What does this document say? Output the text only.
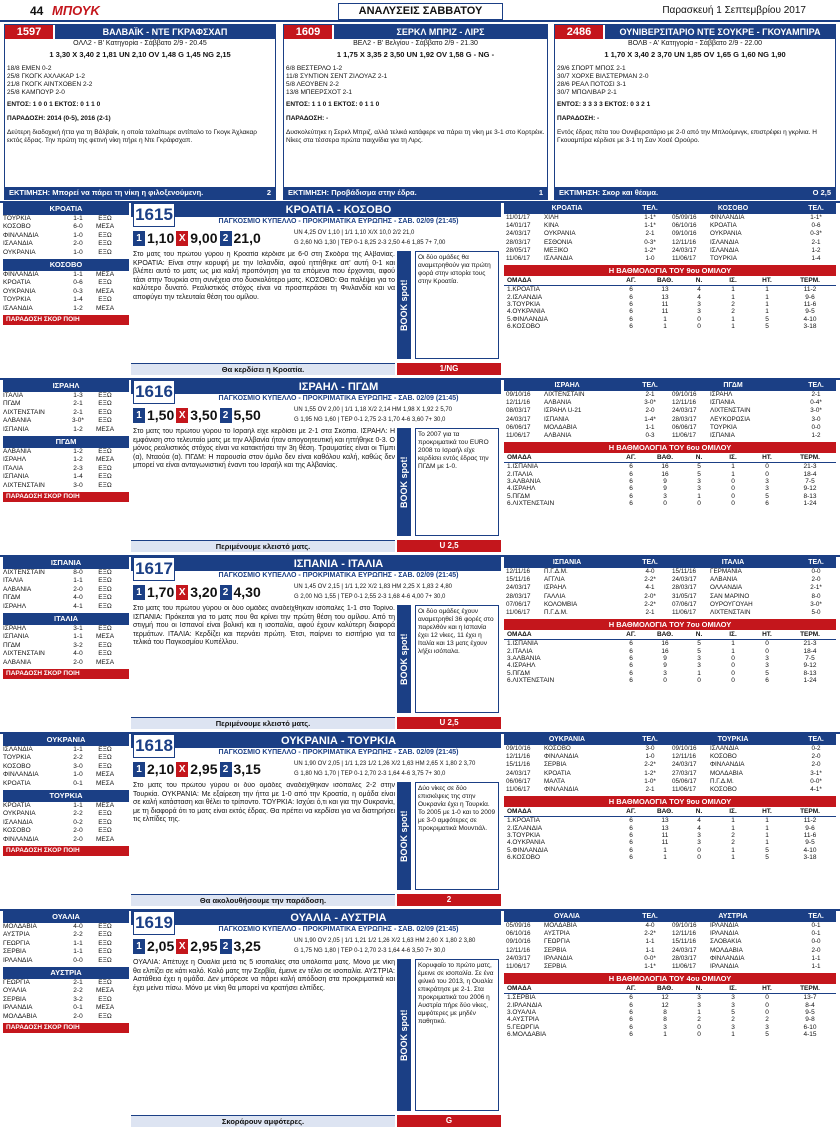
44 ΜΠΟΥΚ	ΑΝΑΛΥΣΕΙΣ ΣΑΒΒΑΤΟΥ	Παρασκευή 1 Σεπτεμβρίου 2017
1597	ΒΑΛΒΑΪΚ - ΝΤΕ ΓΚΡΑΦΣΧΑΠ
ΟΛΛ2 - Β' Κατηγορία - Σάββατο 2/9 - 20.45
1 3,30 X 3,40 2 1,81 UN 2,10 OV 1,48 G 1,45 NG 2,15
18/8 ΕΜΕΝ 0-2
25/8 ΓΚΟΓΚ ΑΧΛΑΚΑΡ 1-2
21/8 ΓΚΟΓΚ ΑΪΝΤΧΟΒΕΝ 2-2
25/8 ΚΑΜΠΟΥΡ 2-0
ΕΝΤΟΣ: 1 0 0 1 ΕΚΤΟΣ: 0 1 1 0
ΠΑΡΑΔΟΣΗ: 2014 (0-5), 2016 (2-1)
Δεύτερη διαδοχική ήττα για τη Βάλβαϊκ, η οποία ταλαίπωρε αντίπαλο το Γκογκ Άχλακαρ εκτός έδρας. Την πρώτη της φετινή νίκη πήρε η Ντε Γκράφσχαπ.
ΕΚΤΙΜΗΣΗ: Μπορεί να πάρει τη νίκη η φιλοξενούμενη.	2
1609	ΣΕΡΚΛ ΜΠΡΙΖ - ΛΙΡΣ
ΒΕΛ2 - Β' Βελγίου - Σάββατο 2/9 - 21.30
1 1,75 X 3,35 2 3,50 UN 1,92 OV 1,58 G - NG -
6/8 ΒΕΣΤΕΡΛΟ 1-2
11/8 ΣΥΝΤΙΟΝ ΣΕΝΤ ΖΙΛΟΥΑΖ 2-1
5/8 ΛΕΟΥΒΕΝ 2-2
13/8 ΜΠΕΕΡΣΧΟΤ 2-1
ΕΝΤΟΣ: 1 1 0 1 ΕΚΤΟΣ: 0 1 1 0
ΠΑΡΑΔΟΣΗ: -
Δυσκολεύτηκε η Σερκλ Μπριζ, αλλά τελικά κατάφερε να πάρει τη νίκη με 3-1 στο Κορτρέικ. Νίκες στα τέσσερα πρώτα παιχνίδια για τη Λιρς.
ΕΚΤΙΜΗΣΗ: Προβάδισμα στην έδρα.	1
2486	ΟΥΝΙΒΕΡΣΙΤΑΡΙΟ ΝΤΕ ΣΟΥΚΡΕ - ΓΚΟΥΑΜΠΙΡΑ
ΒΟΛΒ - Α' Κατηγορία - Σάββατο 2/9 - 22.00
1 1,70 X 3,40 2 3,70 UN 1,85 OV 1,65 G 1,60 NG 1,90
29/6 ΣΠΟΡΤ ΜΠΟΣ 2-1
30/7 ΧΟΡΧΕ ΒΙΛΣΤΕΡΜΑΝ 2-0
28/6 ΡΕΑΛ ΠΟΤΟΣΙ 3-1
30/7 ΜΠΟΛΙΒΑΡ 2-1
ΕΝΤΟΣ: 3 3 3 3 ΕΚΤΟΣ: 0 3 2 1
ΠΑΡΑΔΟΣΗ: -
Εντός έδρας πέτα του Ουνιβερσιτάριο με 2-0 από την Μπλούμινγκ, επιστρέφει η γκρίνια. Η Γκουαμπίρα κέρδισε με 3-1 τη Σαν Χοσέ Ορούρο.
ΕΚΤΙΜΗΣΗ: Σκορ και θέαμα.	O 2,5
ΚΡΟΑΤΙΑ
ΤΟΥΡΚΙΑ	1-1	ΕΞΩ
ΚΟΣΟΒΟ	6-0	ΜΕΣΑ
ΦΙΝΛΑΝΔΙΑ	1-0	ΕΞΩ
ΙΣΛΑΝΔΙΑ	2-0	ΕΞΩ
ΟΥΚΡΑΝΙΑ	1-0	ΕΞΩ
ΚΟΣΟΒΟ
ΦΙΝΛΑΝΔΙΑ	1-1	ΜΕΣΑ
ΚΡΟΑΤΙΑ	0-6	ΕΞΩ
ΟΥΚΡΑΝΙΑ	0-3	ΜΕΣΑ
ΤΟΥΡΚΙΑ	1-4	ΕΞΩ
ΙΣΛΑΝΔΙΑ	1-2	ΜΕΣΑ
ΠΑΡΑΔΟΣΗ ΣΚΟΡ ΠΟΙΗ
1615	ΚΡΟΑΤΙΑ - ΚΟΣΟΒΟ
ΠΑΓΚΟΣΜΙΟ ΚΥΠΕΛΛΟ - ΠΡΟΚΡΙΜΑΤΙΚΑ ΕΥΡΩΠΗΣ - ΣΑΒ. 02/09 (21:45)
1 1,10 X 9,00 2 21,0	UN 4,25 OV 1,10 | 1/1 1,10 X/X 10,0 2/2 21,0
G 2,60 NG 1,30 | ΤΕΡ 0-1 8,25 2-3 2,50 4-6 1,85 7+ 7,00
Στο ματς του πρώτου γύρου η Κροατία κέρδισε με 6-0 στη Σκόδρα της Αλβανίας. ΚΡΟΑΤΙΑ: Είναι στην κορυφή με την Ισλανδία, αφού ηττήθηκε απ' αυτή 0-1 και βλέπει αυτό το ματς ως μια καλή προπόνηση για τα επόμενα που έρχονται, αφού τάσι στην Τουρκία στη συνέχεια στο δυσκολότερο ματς. ΚΟΣΟΒΟ: Θα παλέψει για το καλύτερο δυνατό. Ρεαλιστικός στόχος είναι να προσπεράσει τη Φινλανδία και να αποφύγει την τελευταία θέση του ομίλου.	BOOK spot!
Οι δύο ομάδες θα αναμετρηθούν για πρώτη φορά στην ιστορία τους στην Κροατία.
Θα κερδίσει η Κροατία.	1/NG
ΚΡΟΑΤΙΑ	ΤΕΛ.	ΚΟΣΟΒΟ	ΤΕΛ.
11/01/17	ΧΙΛΗ	1-1*
14/01/17	ΚΙΝΑ	1-1*
24/03/17	ΟΥΚΡΑΝΙΑ	2-1
28/03/17	ΕΣΘΟΝΙΑ	0-3*
28/05/17	ΜΕΞΙΚΟ	1-2*
11/06/17	ΙΣΛΑΝΔΙΑ	1-0
05/09/16	ΦΙΝΛΑΝΔΙΑ	1-1*
06/10/16	ΚΡΟΑΤΙΑ	0-6
09/10/16	ΟΥΚΡΑΝΙΑ	0-3*
12/11/16	ΙΣΛΑΝΔΙΑ	2-1
24/03/17	ΙΣΛΑΝΔΙΑ	1-2
11/06/17	ΤΟΥΡΚΙΑ	1-4
Η ΒΑΘΜΟΛΟΓΙΑ ΤΟΥ 9ου ΟΜΙΛΟΥ
ΟΜΑΔΑ	ΑΓ.	ΒΑΘ.	Ν.	ΙΣ.	ΗΤ.	ΤΕΡΜ.
1.ΚΡΟΑΤΙΑ	6	13	4	1	1	11-2
2.ΙΣΛΑΝΔΙΑ	6	13	4	1	1	9-6
3.ΤΟΥΡΚΙΑ	6	11	3	2	1	11-6
4.ΟΥΚΡΑΝΙΑ	6	11	3	2	1	9-5
5.ΦΙΝΛΑΝΔΙΑ	6	1	0	1	5	4-10
6.ΚΟΣΟΒΟ	6	1	0	1	5	3-18
ΙΣΡΑΗΛ
ΙΤΑΛΙΑ	1-3	ΕΞΩ
ΠΓΔΜ	2-1	ΕΞΩ
ΛΙΧΤΕΝΣΤΑΙΝ	2-1	ΕΞΩ
ΑΛΒΑΝΙΑ	3-0*	ΕΞΩ
ΙΣΠΑΝΙΑ	1-2	ΜΕΣΑ
ΠΓΔΜ
ΑΛΒΑΝΙΑ	1-2	ΕΞΩ
ΙΣΡΑΗΛ	1-2	ΜΕΣΑ
ΙΤΑΛΙΑ	2-3	ΕΞΩ
ΙΣΠΑΝΙΑ	1-4	ΕΞΩ
ΛΙΧΤΕΝΣΤΑΙΝ	3-0	ΕΞΩ
ΠΑΡΑΔΟΣΗ ΣΚΟΡ ΠΟΙΗ
1616	ΙΣΡΑΗΛ - ΠΓΔΜ
ΠΑΓΚΟΣΜΙΟ ΚΥΠΕΛΛΟ - ΠΡΟΚΡΙΜΑΤΙΚΑ ΕΥΡΩΠΗΣ - ΣΑΒ. 02/09 (21:45)
1 1,50 X 3,50 2 5,50	UN 1,55 OV 2,00 | 1/1 1,18 X/2 2,14 ΗΜ 1,98 X 1,92 2 5,70
G 1,95 NG 1,60 | ΤΕΡ 0-1 2,75 2-3 1,70 4-6 3,60 7+ 30,0
Στο ματς του πρώτου γύρου το Ισραήλ είχε κερδίσει με 2-1 στα Σκόπια. ΙΣΡΑΗΛ: Η εμφάνιση στο τελευταίο ματς με την Αλβανία ήταν απογοητευτική και ηττήθηκε 0-3. Ο μόνος ρεαλιστικός στόχος είναι να κατακτήσει την 3η θέση. Τραυματίες είναι οι Τίμπι (α), Νταούα (α). ΠΓΔΜ: Η παρουσία στον όμιλο δεν είναι καθόλου καλή, καθώς δεν μπορεί να είναι ανταγωνιστική έναντι του Ισραήλ και της Αλβανίας.	BOOK spot!
Το 2007 για τα προκριματικά του EURO 2008 το Ισραήλ είχε κερδίσει εντός έδρας την ΠΓΔΜ με 1-0.
Περιμένουμε κλειστό ματς.	U 2,5
ΙΣΡΑΗΛ	ΤΕΛ.	ΠΓΔΜ	ΤΕΛ.
09/10/16	ΛΙΧΤΕΝΣΤΑΙΝ	2-1
12/11/16	ΑΛΒΑΝΙΑ	3-0*
08/03/17	ΙΣΡΑΗΛ U-21	2-0
24/03/17	ΙΣΠΑΝΙΑ	1-4*
06/06/17	ΜΟΛΔΑΒΙΑ	1-1
11/06/17	ΑΛΒΑΝΙΑ	0-3
09/10/16	ΙΣΡΑΗΛ	2-1
12/11/16	ΙΣΠΑΝΙΑ	0-4*
24/03/17	ΛΙΧΤΕΝΣΤΑΙΝ	3-0*
28/03/17	ΛΕΥΚΟΡΩΣΙΑ	3-0
06/06/17	ΤΟΥΡΚΙΑ	0-0
11/06/17	ΙΣΠΑΝΙΑ	1-2
Η ΒΑΘΜΟΛΟΓΙΑ ΤΟΥ 6ου ΟΜΙΛΟΥ
ΟΜΑΔΑ	ΑΓ.	ΒΑΘ.	Ν.	ΙΣ.	ΗΤ.	ΤΕΡΜ.
1.ΙΣΠΑΝΙΑ	6	16	5	1	0	21-3
2.ΙΤΑΛΙΑ	6	16	5	1	0	18-4
3.ΑΛΒΑΝΙΑ	6	9	3	0	3	7-5
4.ΙΣΡΑΗΛ	6	9	3	0	3	9-12
5.ΠΓΔΜ	6	3	1	0	5	8-13
6.ΛΙΧΤΕΝΣΤΑΙΝ	6	0	0	0	6	1-24
ΙΣΠΑΝΙΑ
ΛΙΧΤΕΝΣΤΑΙΝ	8-0	ΕΞΩ
ΙΤΑΛΙΑ	1-1	ΕΞΩ
ΑΛΒΑΝΙΑ	2-0	ΕΞΩ
ΠΓΔΜ	4-0	ΕΞΩ
ΙΣΡΑΗΛ	4-1	ΕΞΩ
ΙΤΑΛΙΑ
ΙΣΡΑΗΛ	3-1	ΕΞΩ
ΙΣΠΑΝΙΑ	1-1	ΜΕΣΑ
ΠΓΔΜ	3-2	ΕΞΩ
ΛΙΧΤΕΝΣΤΑΙΝ	4-0	ΕΞΩ
ΑΛΒΑΝΙΑ	2-0	ΜΕΣΑ
ΠΑΡΑΔΟΣΗ ΣΚΟΡ ΠΟΙΗ
1617	ΙΣΠΑΝΙΑ - ΙΤΑΛΙΑ
ΠΑΓΚΟΣΜΙΟ ΚΥΠΕΛΛΟ - ΠΡΟΚΡΙΜΑΤΙΚΑ ΕΥΡΩΠΗΣ - ΣΑΒ. 02/09 (21:45)
1 1,70 X 3,20 2 4,30	UN 1,45 OV 2,15 | 1/1 1,22 X/2 1,83 ΗΜ 2,25 X 1,83 2 4,80
G 2,00 NG 1,55 | ΤΕΡ 0-1 2,55 2-3 1,68 4-6 4,00 7+ 30,0
Στο ματς του πρώτου γύρου οι δύο ομάδες αναδείχθηκαν ισόπαλες 1-1 στο Τορίνο. ΙΣΠΑΝΙΑ: Πρόκειται για το ματς που θα κρίνει την πρώτη θέση του ομίλου. Από τη στιγμή που οι Ισπανοί είναι βολική και η ισοπαλία, αφού έχουν καλύτερη διαφορά τερμάτων. ΙΤΑΛΙΑ: Κερδίζει και περνάει πρώτη. Έτσι, παίρνει το εισιτήριο για τα τελικά του Παγκοσμίου Κυπέλλου.	BOOK spot!
Οι δύο ομάδες έχουν αναμετρηθεί 36 φορές στο παρελθόν και η Ισπανία έχει 12 νίκες, 11 έχει η Ιταλία και 13 ματς έχουν λήξει ισόπαλα.
Περιμένουμε κλειστό ματς.	U 2,5
ΙΣΠΑΝΙΑ	ΤΕΛ.	ΙΤΑΛΙΑ	ΤΕΛ.
12/11/16	Π.Γ.Δ.Μ.	4-0
15/11/16	ΑΓΓΛΙΑ	2-2*
24/03/17	ΙΣΡΑΗΛ	4-1
28/03/17	ΓΑΛΛΙΑ	2-0*
07/06/17	ΚΟΛΟΜΒΙΑ	2-2*
11/06/17	Π.Γ.Δ.Μ.	2-1
15/11/16	ΓΕΡΜΑΝΙΑ	0-0
24/03/17	ΑΛΒΑΝΙΑ	2-0
28/03/17	ΟΛΛΑΝΔΙΑ	2-1*
31/05/17	ΣΑΝ ΜΑΡΙΝΟ	8-0
07/06/17	ΟΥΡΟΥΓΟΥΑΗ	3-0*
11/06/17	ΛΙΧΤΕΝΣΤΑΙΝ	5-0
Η ΒΑΘΜΟΛΟΓΙΑ ΤΟΥ 7ου ΟΜΙΛΟΥ
ΟΜΑΔΑ	ΑΓ.	ΒΑΘ.	Ν.	ΙΣ.	ΗΤ.	ΤΕΡΜ.
1.ΙΣΠΑΝΙΑ	6	16	5	1	0	21-3
2.ΙΤΑΛΙΑ	6	16	5	1	0	18-4
3.ΑΛΒΑΝΙΑ	6	9	3	0	3	7-5
4.ΙΣΡΑΗΛ	6	9	3	0	3	9-12
5.ΠΓΔΜ	6	3	1	0	5	8-13
6.ΛΙΧΤΕΝΣΤΑΙΝ	6	0	0	0	6	1-24
ΟΥΚΡΑΝΙΑ
ΙΣΛΑΝΔΙΑ	1-1	ΕΞΩ
ΤΟΥΡΚΙΑ	2-2	ΕΞΩ
ΚΟΣΟΒΟ	3-0	ΕΞΩ
ΦΙΝΛΑΝΔΙΑ	1-0	ΜΕΣΑ
ΚΡΟΑΤΙΑ	0-1	ΜΕΣΑ
ΤΟΥΡΚΙΑ
ΚΡΟΑΤΙΑ	1-1	ΜΕΣΑ
ΟΥΚΡΑΝΙΑ	2-2	ΕΞΩ
ΙΣΛΑΝΔΙΑ	0-2	ΕΞΩ
ΚΟΣΟΒΟ	2-0	ΕΞΩ
ΦΙΝΛΑΝΔΙΑ	2-0	ΜΕΣΑ
ΠΑΡΑΔΟΣΗ ΣΚΟΡ ΠΟΙΗ
1618	ΟΥΚΡΑΝΙΑ - ΤΟΥΡΚΙΑ
ΠΑΓΚΟΣΜΙΟ ΚΥΠΕΛΛΟ - ΠΡΟΚΡΙΜΑΤΙΚΑ ΕΥΡΩΠΗΣ - ΣΑΒ. 02/09 (21:45)
1 2,10 X 2,95 2 3,15	UN 1,90 OV 2,05 | 1/1 1,23 1/2 1,26 X/2 1,63 ΗΜ 2,65 X 1,80 2 3,70
G 1,80 NG 1,70 | ΤΕΡ 0-1 2,70 2-3 1,64 4-6 3,75 7+ 30,0
Στο ματς του πρώτου γύρου οι δύο ομάδες αναδείχθηκαν ισόπαλες 2-2 στην Τουρκία. ΟΥΚΡΑΝΙΑ: Με εξαίρεση την ήττα με 1-0 από την Κροατία, η ομάδα είναι σε καλή κατάσταση και θέλει το τρίποντο. ΤΟΥΡΚΙΑ: Ισχύει ό,τι και για την Ουκρανία, με τη διαφορά ότι το ματς είναι εκτός έδρας. Θα πρέπει να κερδίσει για να διατηρήσει τις ελπίδες της.	BOOK spot!
Δύο νίκες σε δύο επισκέψεις της στην Ουκρανία έχει η Τουρκία. Το 2005 με 1-0 και το 2009 με 3-0 αμφότερες σε προκριματικά Μουντιάλ.
Θα ακολουθήσουμε την παράδοση.	2
ΟΥΚΡΑΝΙΑ	ΤΕΛ.	ΤΟΥΡΚΙΑ	ΤΕΛ.
09/10/16	ΚΟΣΟΒΟ	3-0
12/11/16	ΦΙΝΛΑΝΔΙΑ	1-0
15/11/16	ΣΕΡΒΙΑ	2-2*
24/03/17	ΚΡΟΑΤΙΑ	1-2*
06/06/17	ΜΑΛΤΑ	1-0*
11/06/17	ΦΙΝΛΑΝΔΙΑ	2-1
09/10/16	ΙΣΛΑΝΔΙΑ	0-2
12/11/16	ΚΟΣΟΒΟ	2-0
24/03/17	ΦΙΝΛΑΝΔΙΑ	2-0
27/03/17	ΜΟΛΔΑΒΙΑ	3-1*
05/06/17	Π.Γ.Δ.Μ.	0-0*
11/06/17	ΚΟΣΟΒΟ	4-1*
Η ΒΑΘΜΟΛΟΓΙΑ ΤΟΥ 9ου ΟΜΙΛΟΥ
ΟΜΑΔΑ	ΑΓ.	ΒΑΘ.	Ν.	ΙΣ.	ΗΤ.	ΤΕΡΜ.
1.ΚΡΟΑΤΙΑ	6	13	4	1	1	11-2
2.ΙΣΛΑΝΔΙΑ	6	13	4	1	1	9-6
3.ΤΟΥΡΚΙΑ	6	11	3	2	1	11-6
4.ΟΥΚΡΑΝΙΑ	6	11	3	2	1	9-5
5.ΦΙΝΛΑΝΔΙΑ	6	1	0	1	5	4-10
6.ΚΟΣΟΒΟ	6	1	0	1	5	3-18
ΟΥΑΛΙΑ
ΜΟΛΔΑΒΙΑ	4-0	ΕΞΩ
ΑΥΣΤΡΙΑ	2-2	ΕΞΩ
ΓΕΩΡΓΙΑ	1-1	ΕΞΩ
ΣΕΡΒΙΑ	1-1	ΕΞΩ
ΙΡΛΑΝΔΙΑ	0-0	ΕΞΩ
ΑΥΣΤΡΙΑ
ΓΕΩΡΓΙΑ	2-1	ΕΞΩ
ΟΥΑΛΙΑ	2-2	ΜΕΣΑ
ΣΕΡΒΙΑ	3-2	ΕΞΩ
ΙΡΛΑΝΔΙΑ	0-1	ΜΕΣΑ
ΜΟΛΔΑΒΙΑ	2-0	ΕΞΩ
ΠΑΡΑΔΟΣΗ ΣΚΟΡ ΠΟΙΗ
1619	ΟΥΑΛΙΑ - ΑΥΣΤΡΙΑ
ΠΑΓΚΟΣΜΙΟ ΚΥΠΕΛΛΟ - ΠΡΟΚΡΙΜΑΤΙΚΑ ΕΥΡΩΠΗΣ - ΣΑΒ. 02/09 (21:45)
1 2,05 X 2,95 2 3,25	UN 1,90 OV 2,05 | 1/1 1,21 1/2 1,26 X/2 1,63 ΗΜ 2,60 X 1,80 2 3,80
G 1,75 NG 1,80 | ΤΕΡ 0-1 2,70 2-3 1,64 4-6 3,50 7+ 30,0
ΟΥΑΛΙΑ: Απέτυχε η Ουαλία μετά τις 5 ισοπαλίες στα υπόλοιπα ματς. Μόνο με νίκη θα ελπίζει σε κάτι καλό. Καλό ματς την Σερβία, έμεινε εν τέλει σε ισοπαλία. ΑΥΣΤΡΙΑ: Αστάθεια έχει η ομάδα. Δεν μπόρεσε να πάρει καλή απόδοση στα προκριματικά και έχει μείνει πίσω. Μόνο με νίκη θα μπορεί να κρατήσει ελπίδες.
BOOK spot!
Κορυφαίο το πρώτο ματς, έμεινε σε ισοπαλία. Σε ένα φιλικό του 2013, η Ουαλία επικράτησε με 2-1. Στα προκριματικά του 2006 η Αυστρία πήρε δύο νίκες, αμφότερες με μηδέν παθητικό.
Σκοράρουν αμφότερες.	G
ΟΥΑΛΙΑ	ΤΕΛ.	ΑΥΣΤΡΙΑ	ΤΕΛ.
05/09/16	ΜΟΛΔΑΒΙΑ	4-0
06/10/16	ΑΥΣΤΡΙΑ	2-2*
09/10/16	ΓΕΩΡΓΙΑ	1-1
12/11/16	ΣΕΡΒΙΑ	1-1
24/03/17	ΙΡΛΑΝΔΙΑ	0-0*
11/06/17	ΣΕΡΒΙΑ	1-1*
09/10/16	ΙΡΛΑΝΔΙΑ	0-1
12/11/16	ΙΡΛΑΝΔΙΑ	0-1
15/11/16	ΣΛΟΒΑΚΙΑ	0-0
24/03/17	ΜΟΛΔΑΒΙΑ	2-0
28/03/17	ΦΙΝΛΑΝΔΙΑ	1-1
11/06/17	ΙΡΛΑΝΔΙΑ	1-1
Η ΒΑΘΜΟΛΟΓΙΑ ΤΟΥ 4ου ΟΜΙΛΟΥ
ΟΜΑΔΑ	ΑΓ.	ΒΑΘ.	Ν.	ΙΣ.	ΗΤ.	ΤΕΡΜ.
1.ΣΕΡΒΙΑ	6	12	3	3	0	13-7
2.ΙΡΛΑΝΔΙΑ	6	12	3	3	0	8-4
3.ΟΥΑΛΙΑ	6	8	1	5	0	9-5
4.ΑΥΣΤΡΙΑ	6	8	2	2	2	9-8
5.ΓΕΩΡΓΙΑ	6	3	0	3	3	6-10
6.ΜΟΛΔΑΒΙΑ	6	1	0	1	5	4-15
